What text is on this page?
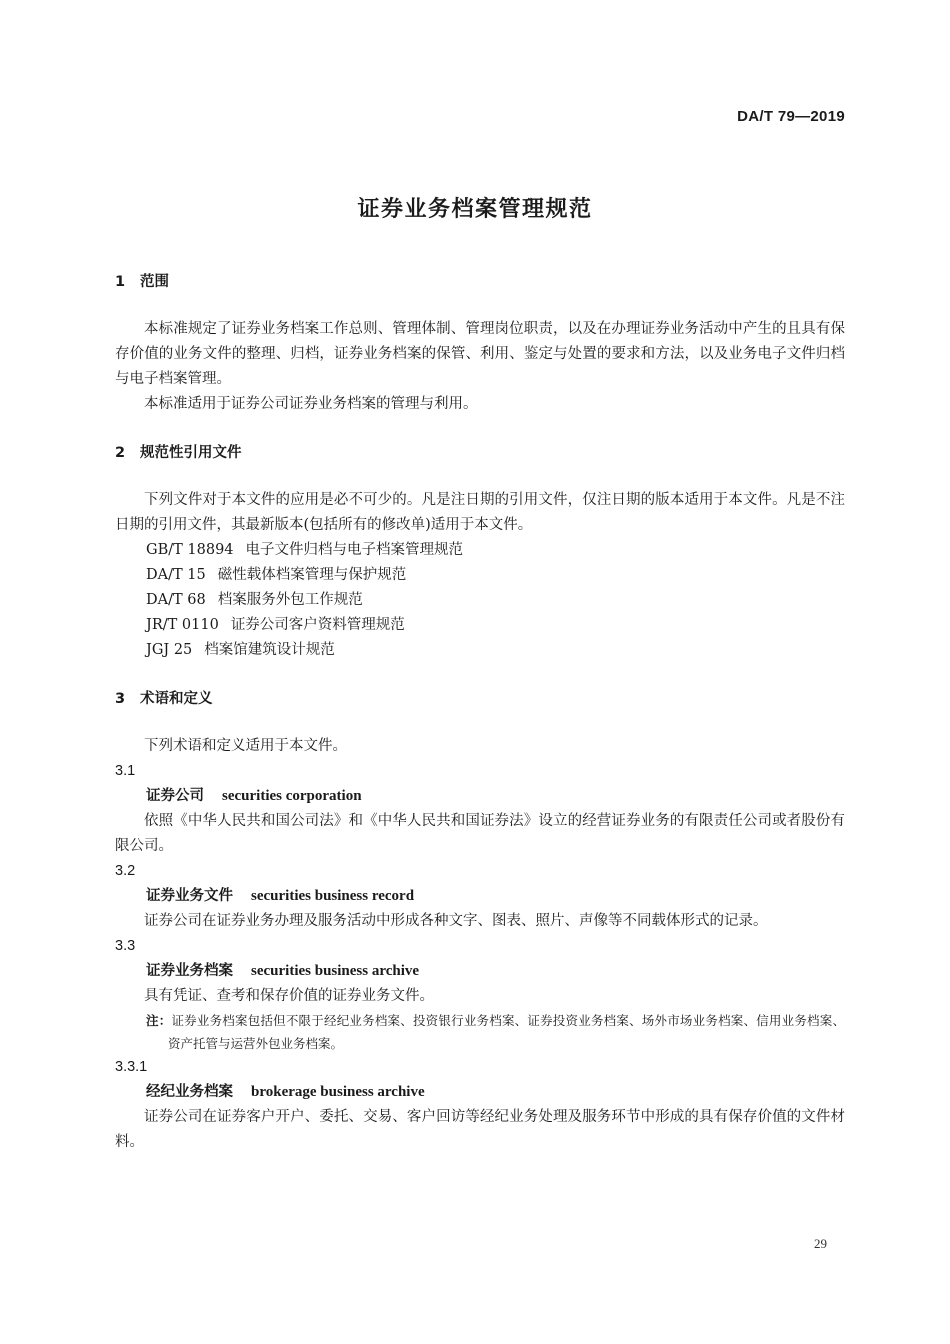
DA/T 79—2019
证券业务档案管理规范
1 范围

本标准规定了证券业务档案工作总则、管理体制、管理岗位职责，以及在办理证券业务活动中产生的且具有保存价值的业务文件的整理、归档，证券业务档案的保管、利用、鉴定与处置的要求和方法，以及业务电子文件归档与电子档案管理。

本标准适用于证券公司证券业务档案的管理与利用。

2 规范性引用文件

下列文件对于本文件的应用是必不可少的。凡是注日期的引用文件，仅注日期的版本适用于本文件。凡是不注日期的引用文件，其最新版本(包括所有的修改单)适用于本文件。

GB/T 18894 电子文件归档与电子档案管理规范

DA/T 15 磁性载体档案管理与保护规范

DA/T 68 档案服务外包工作规范

JR/T 0110 证券公司客户资料管理规范

JGJ 25 档案馆建筑设计规范

3 术语和定义

下列术语和定义适用于本文件。

3.1

证券公司 securities corporation

依照《中华人民共和国公司法》和《中华人民共和国证券法》设立的经营证券业务的有限责任公司或者股份有限公司。

3.2

证券业务文件 securities business record

证券公司在证券业务办理及服务活动中形成各种文字、图表、照片、声像等不同载体形式的记录。

3.3

证券业务档案 securities business archive

具有凭证、查考和保存价值的证券业务文件。

注：证券业务档案包括但不限于经纪业务档案、投资银行业务档案、证券投资业务档案、场外市场业务档案、信用业务档案、资产托管与运营外包业务档案。

3.3.1

经纪业务档案 brokerage business archive

证券公司在证券客户开户、委托、交易、客户回访等经纪业务处理及服务环节中形成的具有保存价值的文件材料。

29
